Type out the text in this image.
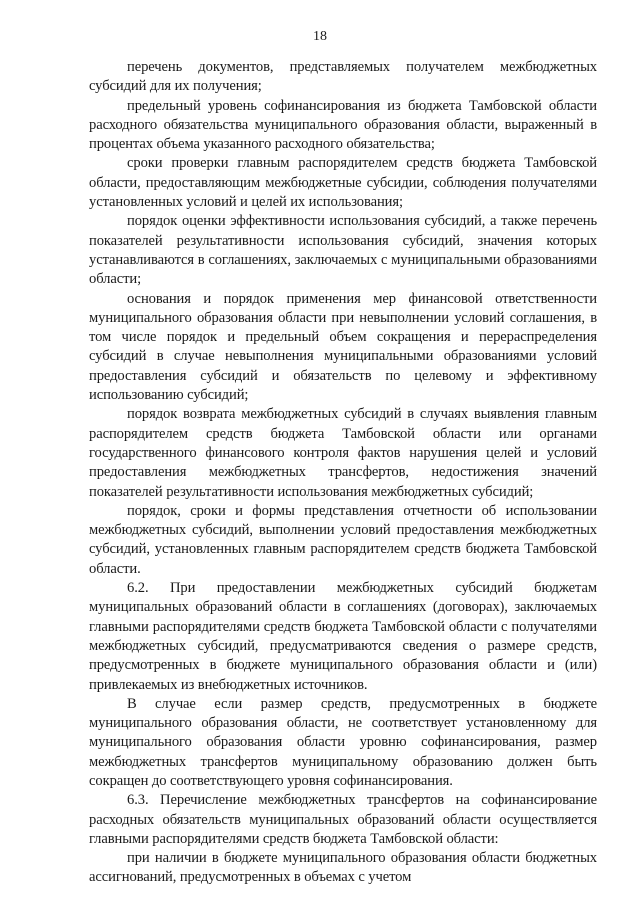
18

перечень документов, представляемых получателем межбюджетных субсидий для их получения;

предельный уровень софинансирования из бюджета Тамбовской области расходного обязательства муниципального образования области, выраженный в процентах объема указанного расходного обязательства;

сроки проверки главным распорядителем средств бюджета Тамбовской области, предоставляющим межбюджетные субсидии, соблюдения получателями установленных условий и целей их использования;

порядок оценки эффективности использования субсидий, а также перечень показателей результативности использования субсидий, значения которых устанавливаются в соглашениях, заключаемых с муниципальными образованиями области;

основания и порядок применения мер финансовой ответственности муниципального образования области при невыполнении условий соглашения, в том числе порядок и предельный объем сокращения и перераспределения субсидий в случае невыполнения муниципальными образованиями условий предоставления субсидий и обязательств по целевому и эффективному использованию субсидий;

порядок возврата межбюджетных субсидий в случаях выявления главным распорядителем средств бюджета Тамбовской области или органами государственного финансового контроля фактов нарушения целей и условий предоставления межбюджетных трансфертов, недостижения значений показателей результативности использования межбюджетных субсидий;

порядок, сроки и формы представления отчетности об использовании межбюджетных субсидий, выполнении условий предоставления межбюджетных субсидий, установленных главным распорядителем средств бюджета Тамбовской области.

6.2. При предоставлении межбюджетных субсидий бюджетам муниципальных образований области в соглашениях (договорах), заключаемых главными распорядителями средств бюджета Тамбовской области с получателями межбюджетных субсидий, предусматриваются сведения о размере средств, предусмотренных в бюджете муниципального образования области и (или) привлекаемых из внебюджетных источников.

В случае если размер средств, предусмотренных в бюджете муниципального образования области, не соответствует установленному для муниципального образования области уровню софинансирования, размер межбюджетных трансфертов муниципальному образованию должен быть сокращен до соответствующего уровня софинансирования.

6.3. Перечисление межбюджетных трансфертов на софинансирование расходных обязательств муниципальных образований области осуществляется главными распорядителями средств бюджета Тамбовской области:

при наличии в бюджете муниципального образования области бюджетных ассигнований, предусмотренных в объемах с учетом
